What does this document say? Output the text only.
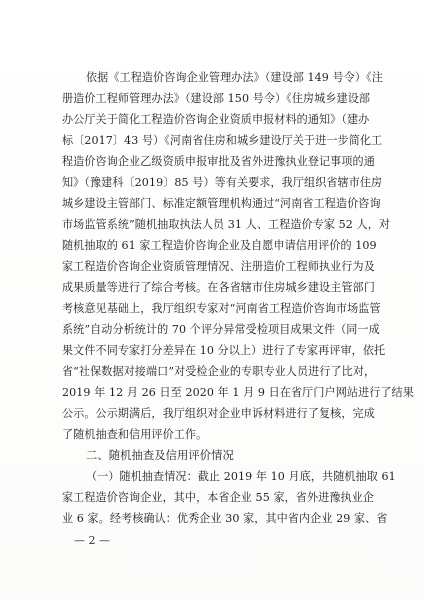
依据《工程造价咨询企业管理办法》（建设部 149 号令）《注
册造价工程师管理办法》（建设部 150 号令）《住房城乡建设部
办公厅关于简化工程造价咨询企业资质申报材料的通知》（建办
标〔2017〕43 号）《河南省住房和城乡建设厅关于进一步简化工
程造价咨询企业乙级资质申报审批及省外进豫执业登记事项的通
知》（豫建科〔2019〕85 号）等有关要求，我厅组织省辖市住房
城乡建设主管部门、标准定额管理机构通过“河南省工程造价咨询
市场监管系统”随机抽取执法人员 31 人、工程造价专家 52 人，对
随机抽取的 61 家工程造价咨询企业及自愿申请信用评价的 109
家工程造价咨询企业资质管理情况、注册造价工程师执业行为及
成果质量等进行了综合考核。在各省辖市住房城乡建设主管部门
考核意见基础上，我厅组织专家对“河南省工程造价咨询市场监管
系统”自动分析统计的 70 个评分异常受检项目成果文件（同一成
果文件不同专家打分差异在 10 分以上）进行了专家再评审，依托
省“社保数据对接端口”对受检企业的专职专业人员进行了比对，
2019 年 12 月 26 日至 2020 年 1 月 9 日在省厅门户网站进行了结果
公示。公示期满后，我厅组织对企业申诉材料进行了复核，完成
了随机抽查和信用评价工作。
二、随机抽查及信用评价情况
（一）随机抽查情况：截止 2019 年 10 月底，共随机抽取 61
家工程造价咨询企业，其中，本省企业 55 家，省外进豫执业企
业 6 家。经考核确认：优秀企业 30 家，其中省内企业 29 家、省
— 2 —
